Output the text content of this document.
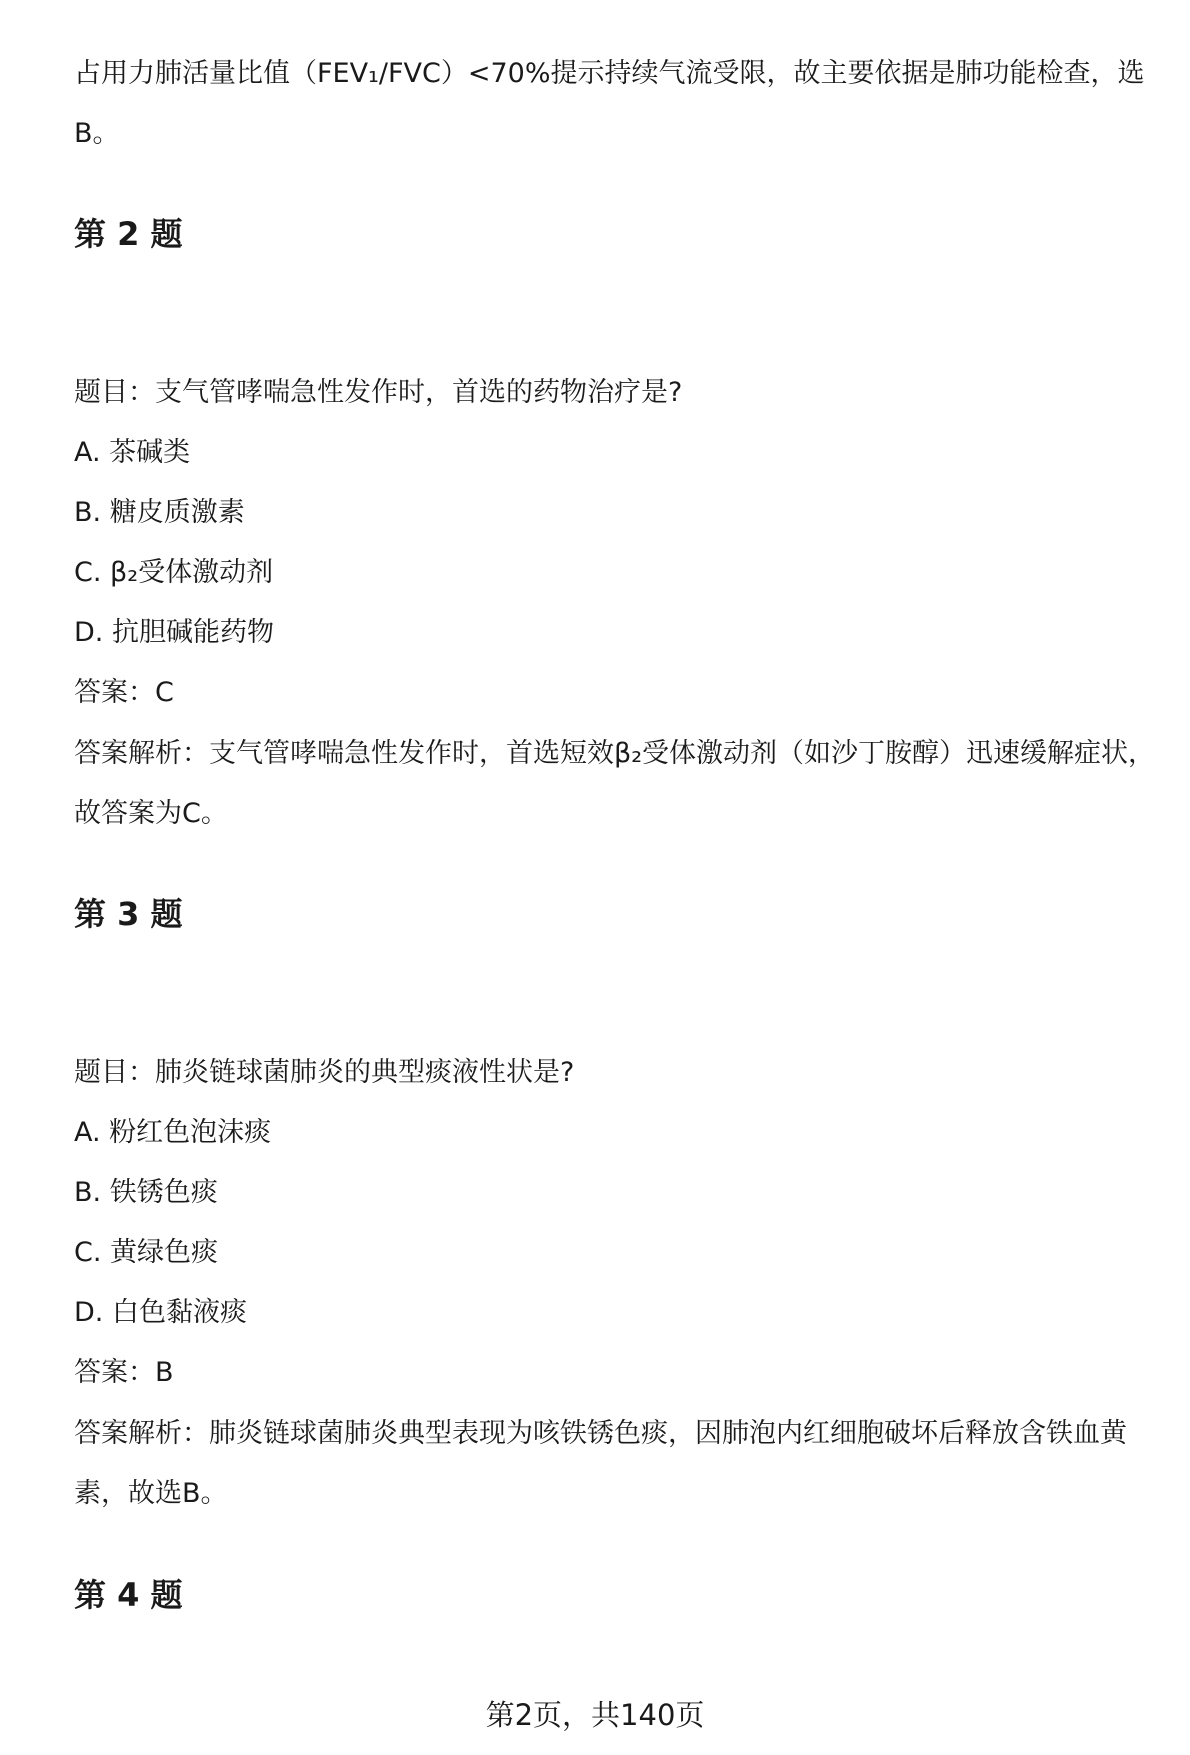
占用力肺活量比值（FEV₁/FVC）<70%提示持续气流受限，故主要依据是肺功能检查，选B。

第 2 题

题目：支气管哮喘急性发作时，首选的药物治疗是?

A. 茶碱类

B. 糖皮质激素

C. β₂受体激动剂

D. 抗胆碱能药物

答案：C

答案解析：支气管哮喘急性发作时，首选短效β₂受体激动剂（如沙丁胺醇）迅速缓解症状，故答案为C。

第 3 题

题目：肺炎链球菌肺炎的典型痰液性状是?

A. 粉红色泡沫痰

B. 铁锈色痰

C. 黄绿色痰

D. 白色黏液痰

答案：B

答案解析：肺炎链球菌肺炎典型表现为咳铁锈色痰，因肺泡内红细胞破坏后释放含铁血黄素，故选B。

第 4 题
第2页，共140页
